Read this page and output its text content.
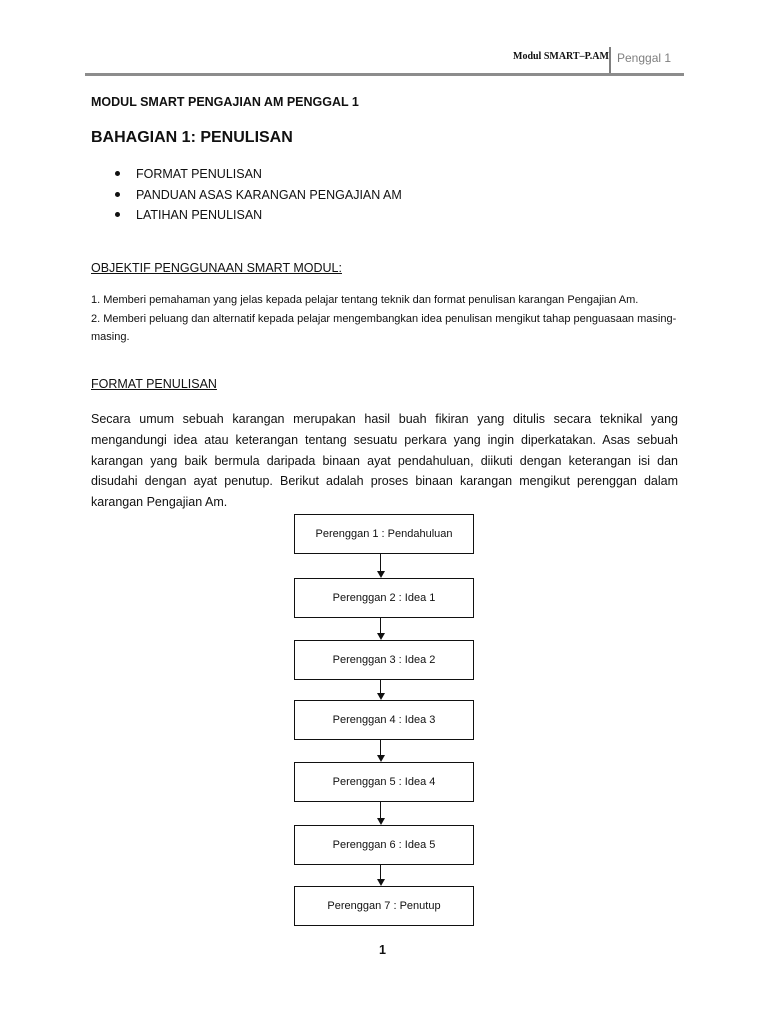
Modul SMART–P.AM Penggal 1
MODUL SMART PENGAJIAN AM PENGGAL 1
BAHAGIAN 1: PENULISAN
FORMAT PENULISAN
PANDUAN ASAS KARANGAN PENGAJIAN AM
LATIHAN PENULISAN
OBJEKTIF PENGGUNAAN SMART MODUL:

1. Memberi pemahaman yang jelas kepada pelajar tentang teknik dan format penulisan karangan Pengajian Am.

2. Memberi peluang dan alternatif kepada pelajar mengembangkan idea penulisan mengikut tahap penguasaan masing-masing.

FORMAT PENULISAN

Secara umum sebuah karangan merupakan hasil buah fikiran yang ditulis secara teknikal yang mengandungi idea atau keterangan tentang sesuatu perkara yang ingin diperkatakan. Asas sebuah karangan yang baik bermula daripada binaan ayat pendahuluan, diikuti dengan keterangan isi dan disudahi dengan ayat penutup. Berikut adalah proses binaan karangan mengikut perenggan dalam karangan Pengajian Am.

Perenggan 1 : Pendahuluan
Perenggan 2 : Idea 1
Perenggan 3 : Idea 2
Perenggan 4 : Idea 3
Perenggan 5 : Idea 4
Perenggan 6 : Idea 5
Perenggan 7 : Penutup
1
